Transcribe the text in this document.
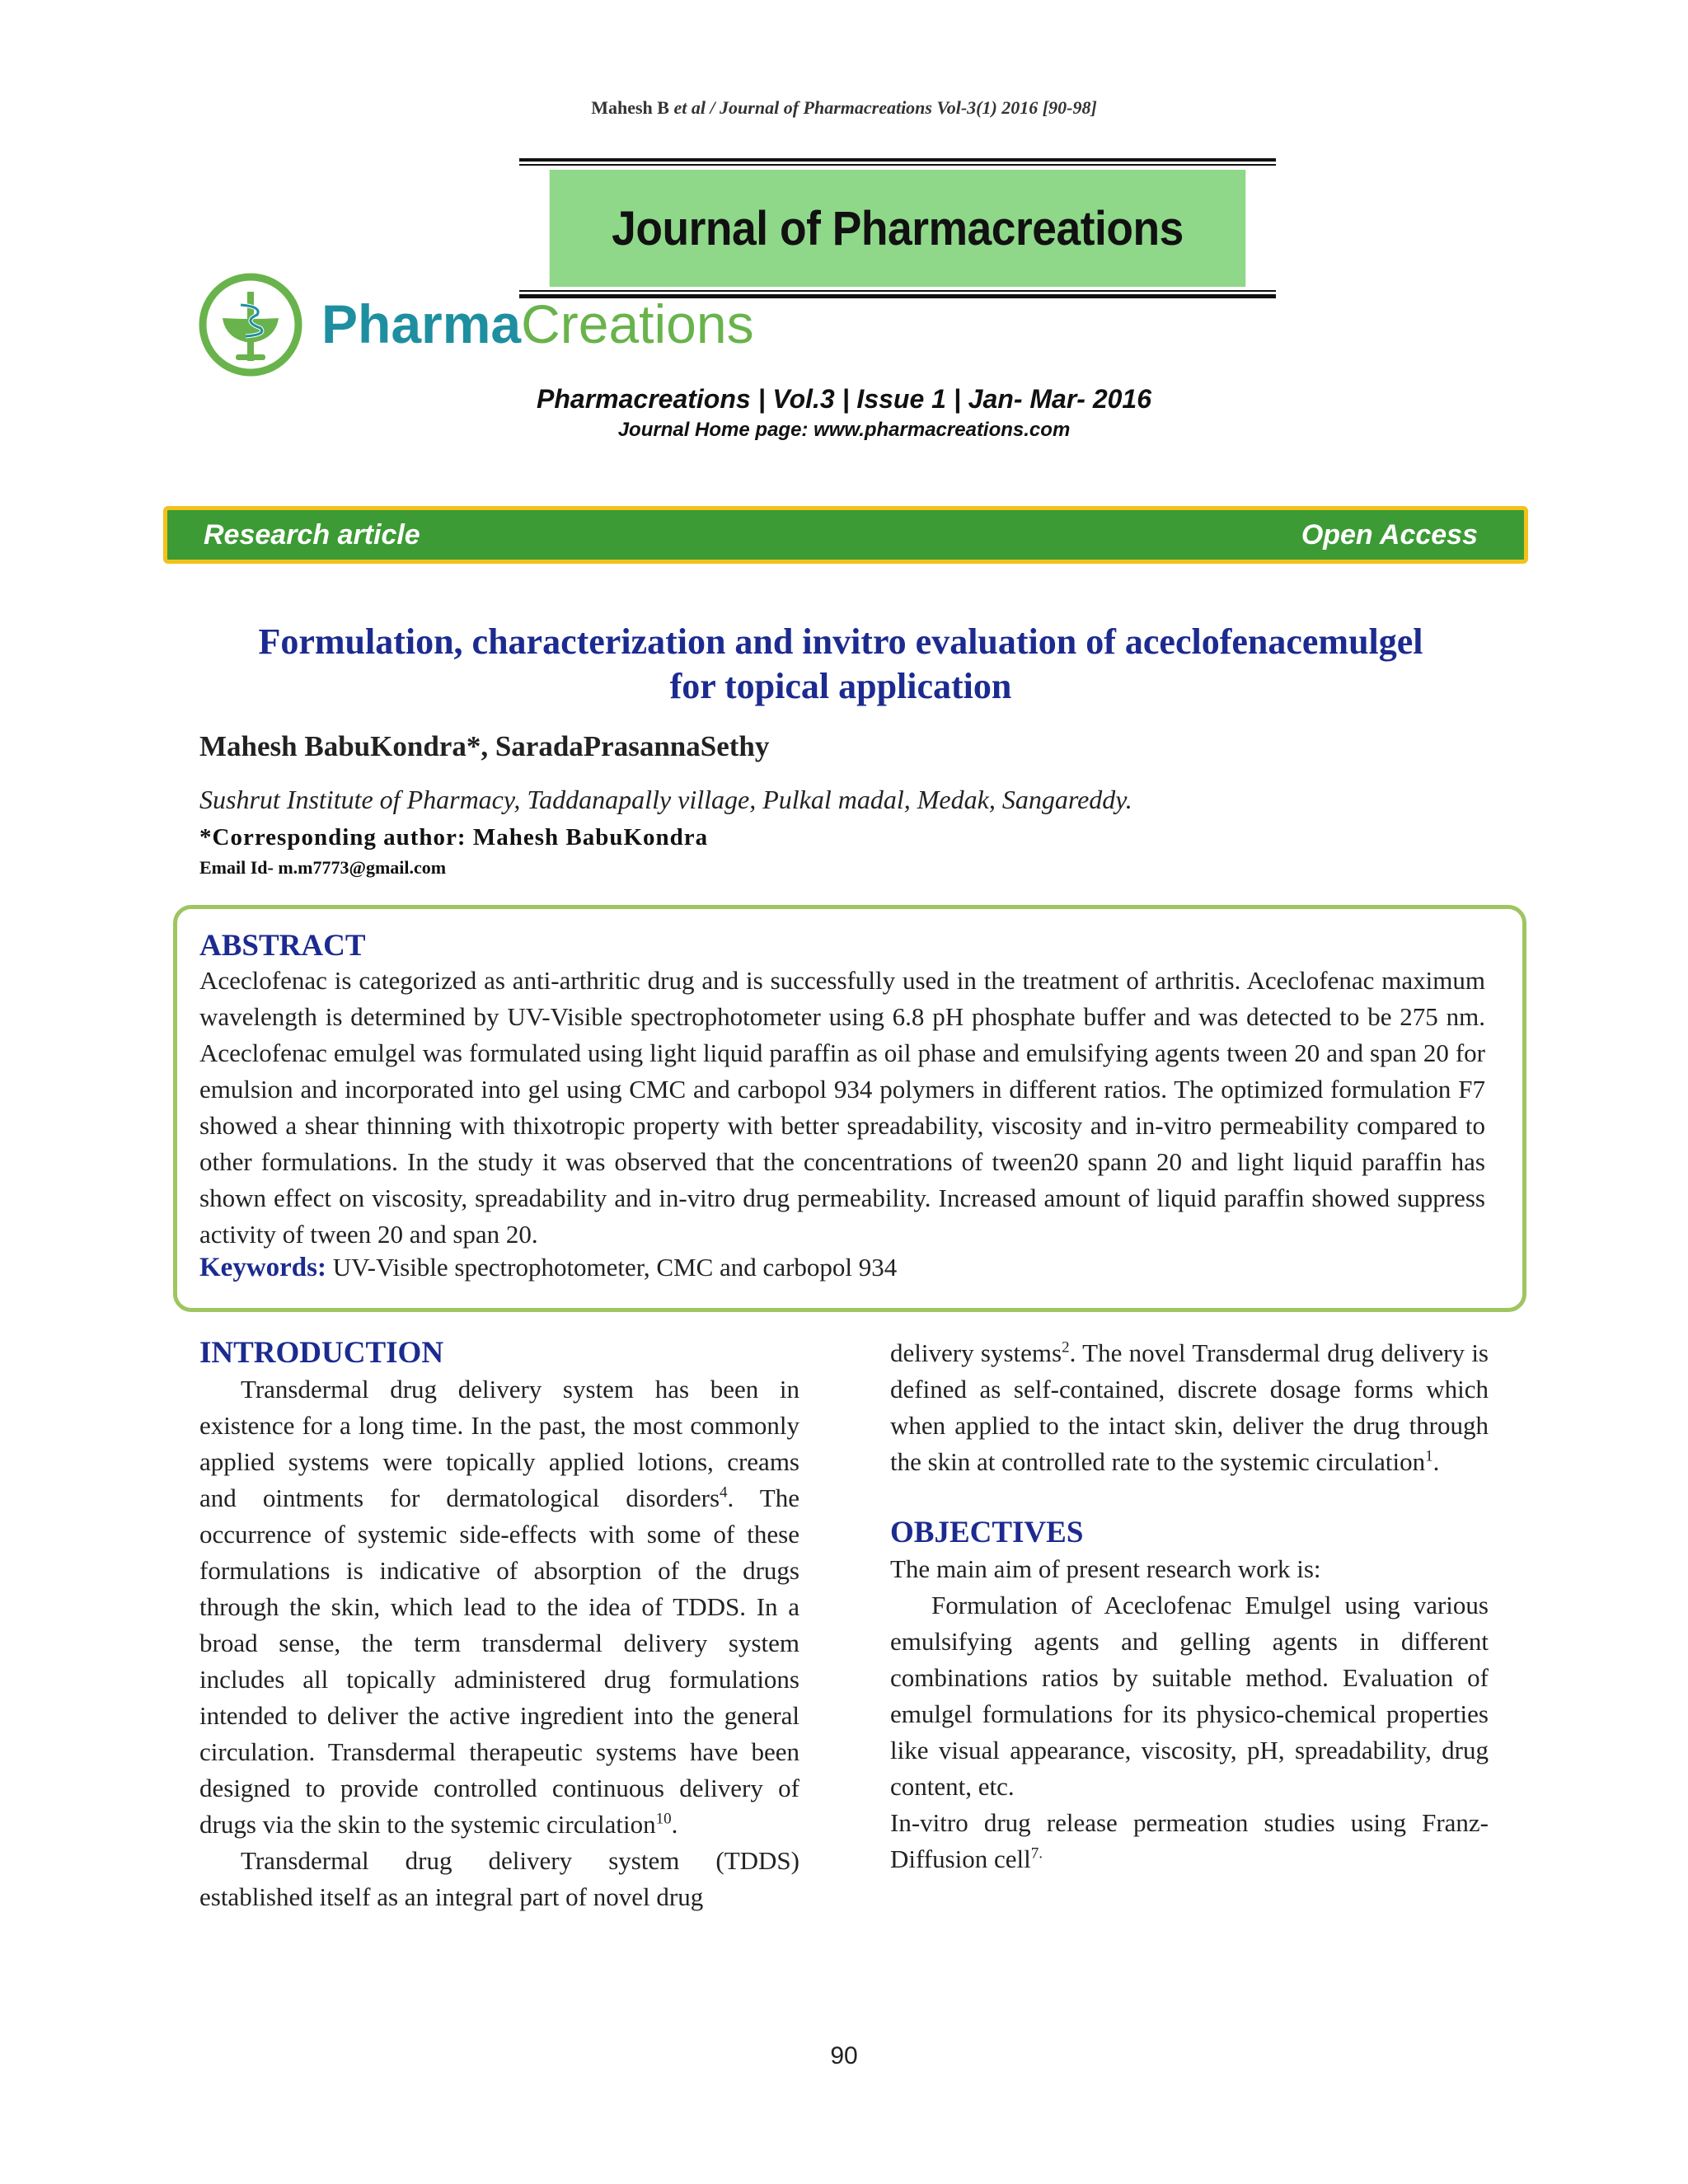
Mahesh B et al / Journal of Pharmacreations Vol-3(1) 2016 [90-98]
Journal of Pharmacreations
PharmaCreations
Pharmacreations | Vol.3 | Issue 1 | Jan- Mar- 2016
Journal Home page: www.pharmacreations.com
Research article	Open Access
Formulation, characterization and invitro evaluation of aceclofenacemulgel
for topical application
Mahesh BabuKondra*, SaradaPrasannaSethy
Sushrut Institute of Pharmacy, Taddanapally village, Pulkal madal, Medak, Sangareddy.
*Corresponding author: Mahesh BabuKondra
Email Id- m.m7773@gmail.com
ABSTRACT
Aceclofenac is categorized as anti-arthritic drug and is successfully used in the treatment of arthritis. Aceclofenac maximum wavelength is determined by UV-Visible spectrophotometer using 6.8 pH phosphate buffer and was detected to be 275 nm. Aceclofenac emulgel was formulated using light liquid paraffin as oil phase and emulsifying agents tween 20 and span 20 for emulsion and incorporated into gel using CMC and carbopol 934 polymers in different ratios. The optimized formulation F7 showed a shear thinning with thixotropic property with better spreadability, viscosity and in-vitro permeability compared to other formulations. In the study it was observed that the concentrations of tween20 spann 20 and light liquid paraffin has shown effect on viscosity, spreadability and in-vitro drug permeability. Increased amount of liquid paraffin showed suppress activity of tween 20 and span 20.
Keywords: UV-Visible spectrophotometer, CMC and carbopol 934
INTRODUCTION

Transdermal drug delivery system has been in existence for a long time. In the past, the most commonly applied systems were topically applied lotions, creams and ointments for dermatological disorders$^4$. The occurrence of systemic side-effects with some of these formulations is indicative of absorption of the drugs through the skin, which lead to the idea of TDDS. In a broad sense, the term transdermal delivery system includes all topically administered drug formulations intended to deliver the active ingredient into the general circulation. Transdermal therapeutic systems have been designed to provide controlled continuous delivery of drugs via the skin to the systemic circulation$^{10}$.

Transdermal drug delivery system (TDDS) established itself as an integral part of novel drug

delivery systems$^2$. The novel Transdermal drug delivery is defined as self-contained, discrete dosage forms which when applied to the intact skin, deliver the drug through the skin at controlled rate to the systemic circulation$^1$.

OBJECTIVES

The main aim of present research work is:

Formulation of Aceclofenac Emulgel using various emulsifying agents and gelling agents in different combinations ratios by suitable method. Evaluation of emulgel formulations for its physico-chemical properties like visual appearance, viscosity, pH, spreadability, drug content, etc.

In-vitro drug release permeation studies using Franz-Diffusion cell$^{7.}$

90
